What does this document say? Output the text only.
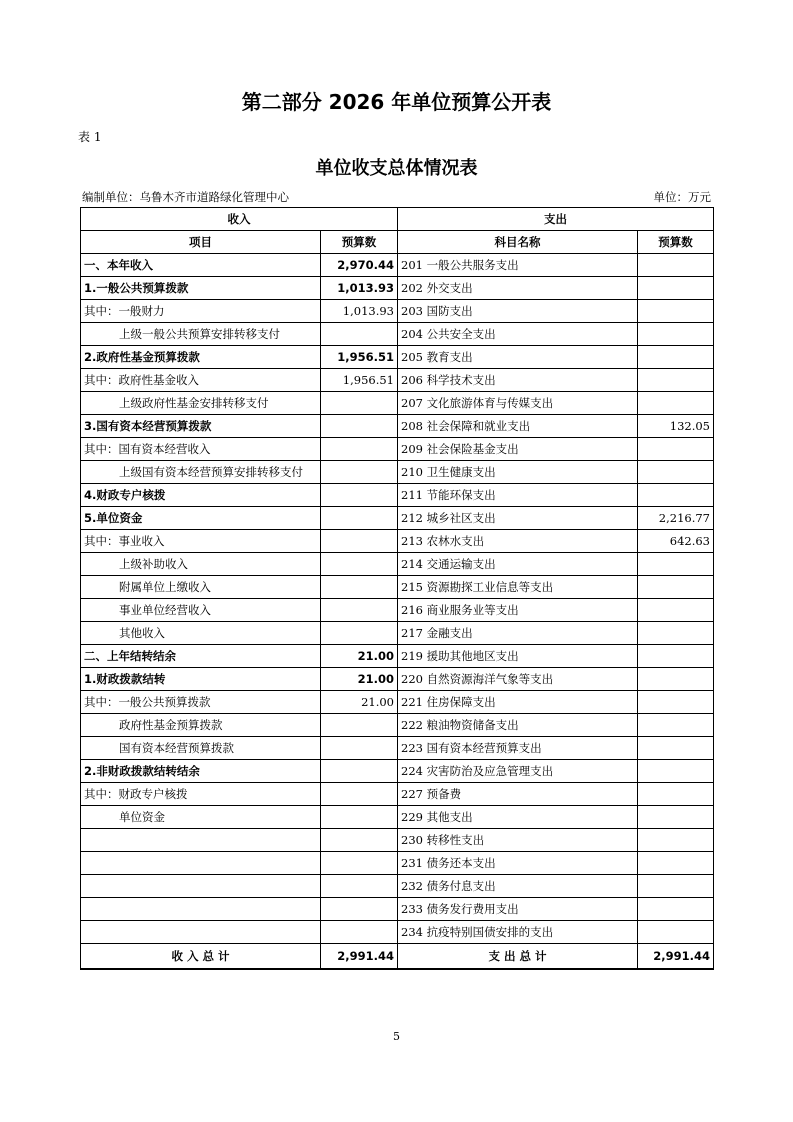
第二部分 2026 年单位预算公开表
表 1
单位收支总体情况表
编制单位：乌鲁木齐市道路绿化管理中心	单位：万元
收入		支出	
项目	预算数	科目名称	预算数
一、本年收入	2,970.44	201 一般公共服务支出	
1.一般公共预算拨款	1,013.93	202 外交支出	
其中：一般财力	1,013.93	203 国防支出	
上级一般公共预算安排转移支付		204 公共安全支出	
2.政府性基金预算拨款	1,956.51	205 教育支出	
其中：政府性基金收入	1,956.51	206 科学技术支出	
上级政府性基金安排转移支付		207 文化旅游体育与传媒支出	
3.国有资本经营预算拨款		208 社会保障和就业支出	132.05
其中：国有资本经营收入		209 社会保险基金支出	
上级国有资本经营预算安排转移支付		210 卫生健康支出	
4.财政专户核拨		211 节能环保支出	
5.单位资金		212 城乡社区支出	2,216.77
其中：事业收入		213 农林水支出	642.63
上级补助收入		214 交通运输支出	
附属单位上缴收入		215 资源勘探工业信息等支出	
事业单位经营收入		216 商业服务业等支出	
其他收入		217 金融支出	
二、上年结转结余	21.00	219 援助其他地区支出	
1.财政拨款结转	21.00	220 自然资源海洋气象等支出	
其中：一般公共预算拨款	21.00	221 住房保障支出	
政府性基金预算拨款		222 粮油物资储备支出	
国有资本经营预算拨款		223 国有资本经营预算支出	
2.非财政拨款结转结余		224 灾害防治及应急管理支出	
其中：财政专户核拨		227 预备费	
单位资金		229 其他支出	
		230 转移性支出	
		231 债务还本支出	
		232 债务付息支出	
		233 债务发行费用支出	
		234 抗疫特别国债安排的支出	
收 入 总 计	2,991.44	支 出 总 计	2,991.44
5
